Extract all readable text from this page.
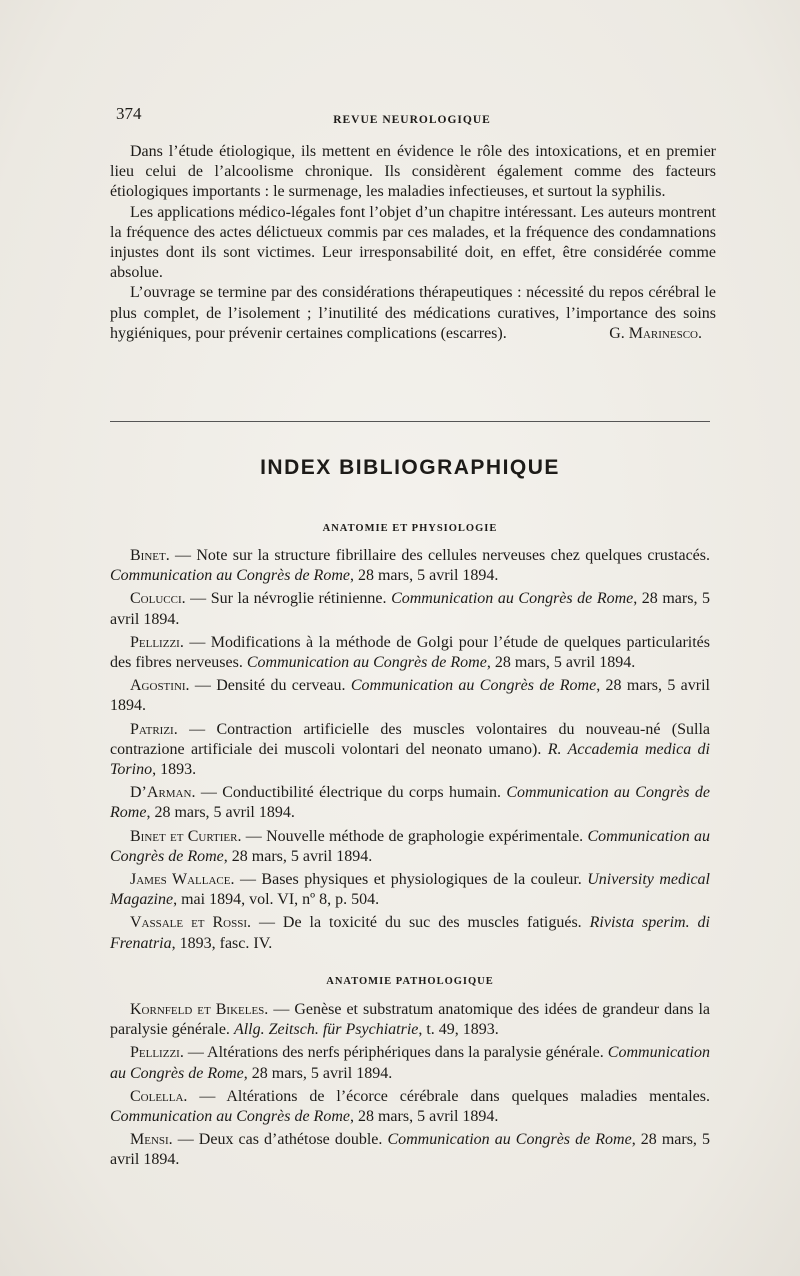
374	REVUE NEUROLOGIQUE

Dans l’étude étiologique, ils mettent en évidence le rôle des intoxications, et en premier lieu celui de l’alcoolisme chronique. Ils considèrent également comme des facteurs étiologiques importants : le surmenage, les maladies infectieuses, et surtout la syphilis.

Les applications médico-légales font l’objet d’un chapitre intéressant. Les auteurs montrent la fréquence des actes délictueux commis par ces malades, et la fréquence des condamnations injustes dont ils sont victimes. Leur irresponsabilité doit, en effet, être considérée comme absolue.

L’ouvrage se termine par des considérations thérapeutiques : nécessité du repos cérébral le plus complet, de l’isolement ; l’inutilité des médications curatives, l’importance des soins hygiéniques, pour prévenir certaines complications (escarres).	G. Marinesco.
INDEX BIBLIOGRAPHIQUE
ANATOMIE ET PHYSIOLOGIE

Binet. — Note sur la structure fibrillaire des cellules nerveuses chez quelques crustacés. Communication au Congrès de Rome, 28 mars, 5 avril 1894.

Colucci. — Sur la névroglie rétinienne. Communication au Congrès de Rome, 28 mars, 5 avril 1894.

Pellizzi. — Modifications à la méthode de Golgi pour l’étude de quelques particularités des fibres nerveuses. Communication au Congrès de Rome, 28 mars, 5 avril 1894.

Agostini. — Densité du cerveau. Communication au Congrès de Rome, 28 mars, 5 avril 1894.

Patrizi. — Contraction artificielle des muscles volontaires du nouveau-né (Sulla contrazione artificiale dei muscoli volontari del neonato umano). R. Accademia medica di Torino, 1893.

D’Arman. — Conductibilité électrique du corps humain. Communication au Congrès de Rome, 28 mars, 5 avril 1894.

Binet et Curtier. — Nouvelle méthode de graphologie expérimentale. Communication au Congrès de Rome, 28 mars, 5 avril 1894.

James Wallace. — Bases physiques et physiologiques de la couleur. University medical Magazine, mai 1894, vol. VI, nº 8, p. 504.

Vassale et Rossi. — De la toxicité du suc des muscles fatigués. Rivista sperim. di Frenatria, 1893, fasc. IV.

ANATOMIE PATHOLOGIQUE

Kornfeld et Bikeles. — Genèse et substratum anatomique des idées de grandeur dans la paralysie générale. Allg. Zeitsch. für Psychiatrie, t. 49, 1893.

Pellizzi. — Altérations des nerfs périphériques dans la paralysie générale. Communication au Congrès de Rome, 28 mars, 5 avril 1894.

Colella. — Altérations de l’écorce cérébrale dans quelques maladies mentales. Communication au Congrès de Rome, 28 mars, 5 avril 1894.

Mensi. — Deux cas d’athétose double. Communication au Congrès de Rome, 28 mars, 5 avril 1894.
